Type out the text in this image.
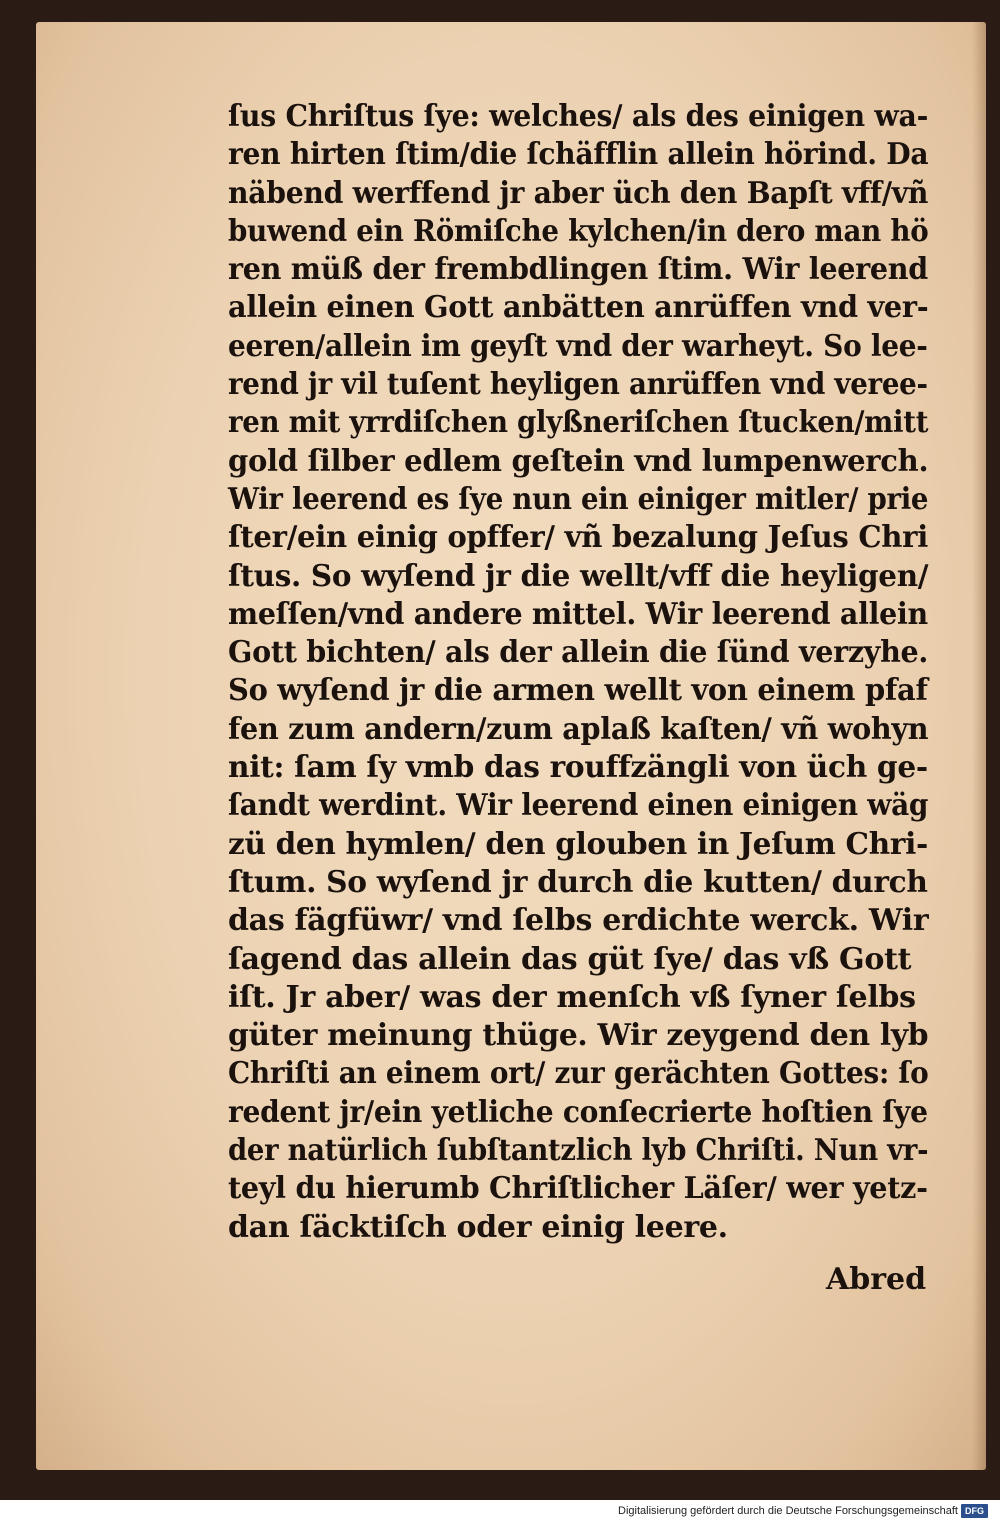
ſus Chriſtus ſye: welches/ als des einigen wa-
ren hirten ſtim/die ſchäfflin allein hörind. Da
näbend werffend jr aber üch den Bapſt vff/vñ
buwend ein Römiſche kylchen/in dero man hö
ren müß der frembdlingen ſtim. Wir leerend
allein einen Gott anbätten anrüffen vnd ver-
eeren/allein im geyſt vnd der warheyt. So lee-
rend jr vil tuſent heyligen anrüffen vnd veree-
ren mit yrrdiſchen glyßneriſchen ſtucken/mitt
gold ſilber edlem geſtein vnd lumpenwerch.
Wir leerend es ſye nun ein einiger mitler/ prie
ſter/ein einig opffer/ vñ bezalung Jeſus Chri
ſtus. So wyſend jr die wellt/vff die heyligen/
meſſen/vnd andere mittel. Wir leerend allein
Gott bichten/ als der allein die ſünd verzyhe.
So wyſend jr die armen wellt von einem pfaf
fen zum andern/zum aplaß kaſten/ vñ wohyn
nit: ſam ſy vmb das rouffzängli von üch ge-
ſandt werdint. Wir leerend einen einigen wäg
zü den hymlen/ den glouben in Jeſum Chri-
ſtum. So wyſend jr durch die kutten/ durch
das fägfüwr/ vnd ſelbs erdichte werck. Wir
ſagend das allein das güt ſye/ das vß Gott
iſt. Jr aber/ was der menſch vß ſyner ſelbs
güter meinung thüge. Wir zeygend den lyb
Chriſti an einem ort/ zur gerächten Gottes: ſo
redent jr/ein yetliche conſecrierte hoſtien ſye
der natürlich ſubſtantzlich lyb Chriſti. Nun vr-
teyl du hierumb Chriſtlicher Läſer/ wer yetz-
dan ſäcktiſch oder einig leere.
Abred
Digitalisierung gefördert durch die Deutsche Forschungsgemeinschaft DFG
